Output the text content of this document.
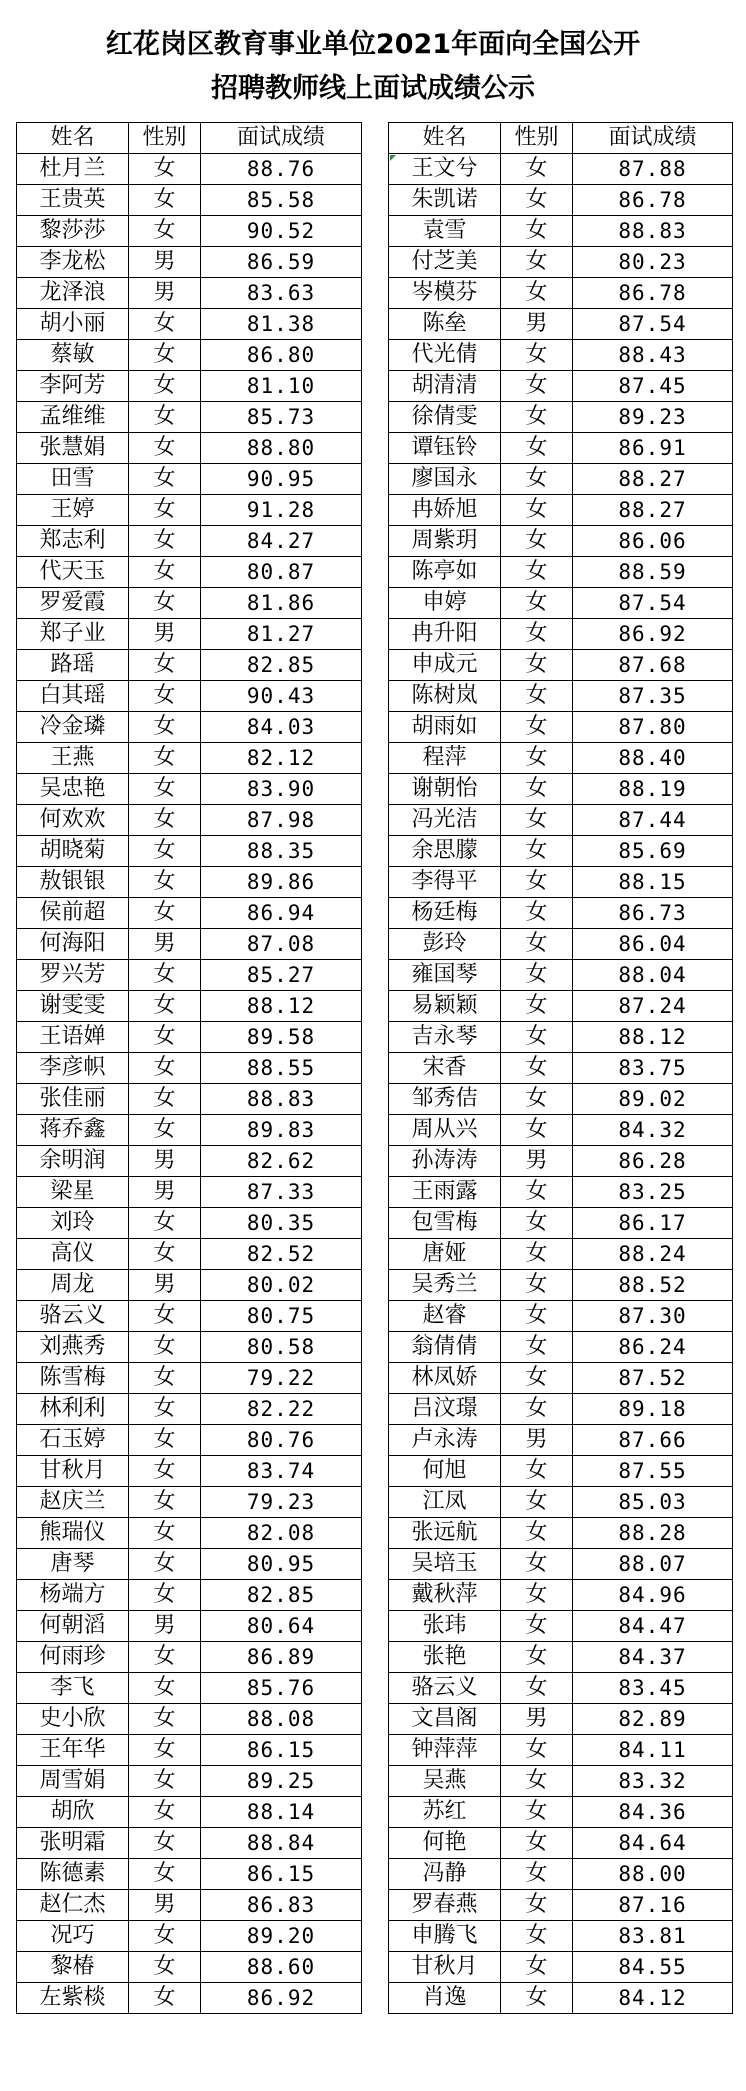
红花岗区教育事业单位2021年面向全国公开
招聘教师线上面试成绩公示
姓名	性别	面试成绩
杜月兰	女	88.76
王贵英	女	85.58
黎莎莎	女	90.52
李龙松	男	86.59
龙泽浪	男	83.63
胡小丽	女	81.38
蔡敏	女	86.80
李阿芳	女	81.10
孟维维	女	85.73
张慧娟	女	88.80
田雪	女	90.95
王婷	女	91.28
郑志利	女	84.27
代天玉	女	80.87
罗爱霞	女	81.86
郑子业	男	81.27
路瑶	女	82.85
白其瑶	女	90.43
冷金璘	女	84.03
王燕	女	82.12
吴忠艳	女	83.90
何欢欢	女	87.98
胡晓菊	女	88.35
敖银银	女	89.86
侯前超	女	86.94
何海阳	男	87.08
罗兴芳	女	85.27
谢雯雯	女	88.12
王语婵	女	89.58
李彦帜	女	88.55
张佳丽	女	88.83
蒋乔鑫	女	89.83
余明润	男	82.62
梁星	男	87.33
刘玲	女	80.35
高仪	女	82.52
周龙	男	80.02
骆云义	女	80.75
刘燕秀	女	80.58
陈雪梅	女	79.22
林利利	女	82.22
石玉婷	女	80.76
甘秋月	女	83.74
赵庆兰	女	79.23
熊瑞仪	女	82.08
唐琴	女	80.95
杨端方	女	82.85
何朝滔	男	80.64
何雨珍	女	86.89
李飞	女	85.76
史小欣	女	88.08
王年华	女	86.15
周雪娟	女	89.25
胡欣	女	88.14
张明霜	女	88.84
陈德素	女	86.15
赵仁杰	男	86.83
况巧	女	89.20
黎椿	女	88.60
左紫棪	女	86.92
姓名	性别	面试成绩
王文兮	女	87.88
朱凯诺	女	86.78
袁雪	女	88.83
付芝美	女	80.23
岑模芬	女	86.78
陈垒	男	87.54
代光倩	女	88.43
胡清清	女	87.45
徐倩雯	女	89.23
谭钰铃	女	86.91
廖国永	女	88.27
冉娇旭	女	88.27
周紫玥	女	86.06
陈亭如	女	88.59
申婷	女	87.54
冉升阳	女	86.92
申成元	女	87.68
陈树岚	女	87.35
胡雨如	女	87.80
程萍	女	88.40
谢朝怡	女	88.19
冯光洁	女	87.44
余思朦	女	85.69
李得平	女	88.15
杨廷梅	女	86.73
彭玲	女	86.04
雍国琴	女	88.04
易颖颖	女	87.24
吉永琴	女	88.12
宋香	女	83.75
邹秀佶	女	89.02
周从兴	女	84.32
孙涛涛	男	86.28
王雨露	女	83.25
包雪梅	女	86.17
唐娅	女	88.24
吴秀兰	女	88.52
赵睿	女	87.30
翁倩倩	女	86.24
林凤娇	女	87.52
吕汶璟	女	89.18
卢永涛	男	87.66
何旭	女	87.55
江凤	女	85.03
张远航	女	88.28
吴培玉	女	88.07
戴秋萍	女	84.96
张玮	女	84.47
张艳	女	84.37
骆云义	女	83.45
文昌阁	男	82.89
钟萍萍	女	84.11
吴燕	女	83.32
苏红	女	84.36
何艳	女	84.64
冯静	女	88.00
罗春燕	女	87.16
申腾飞	女	83.81
甘秋月	女	84.55
肖逸	女	84.12
